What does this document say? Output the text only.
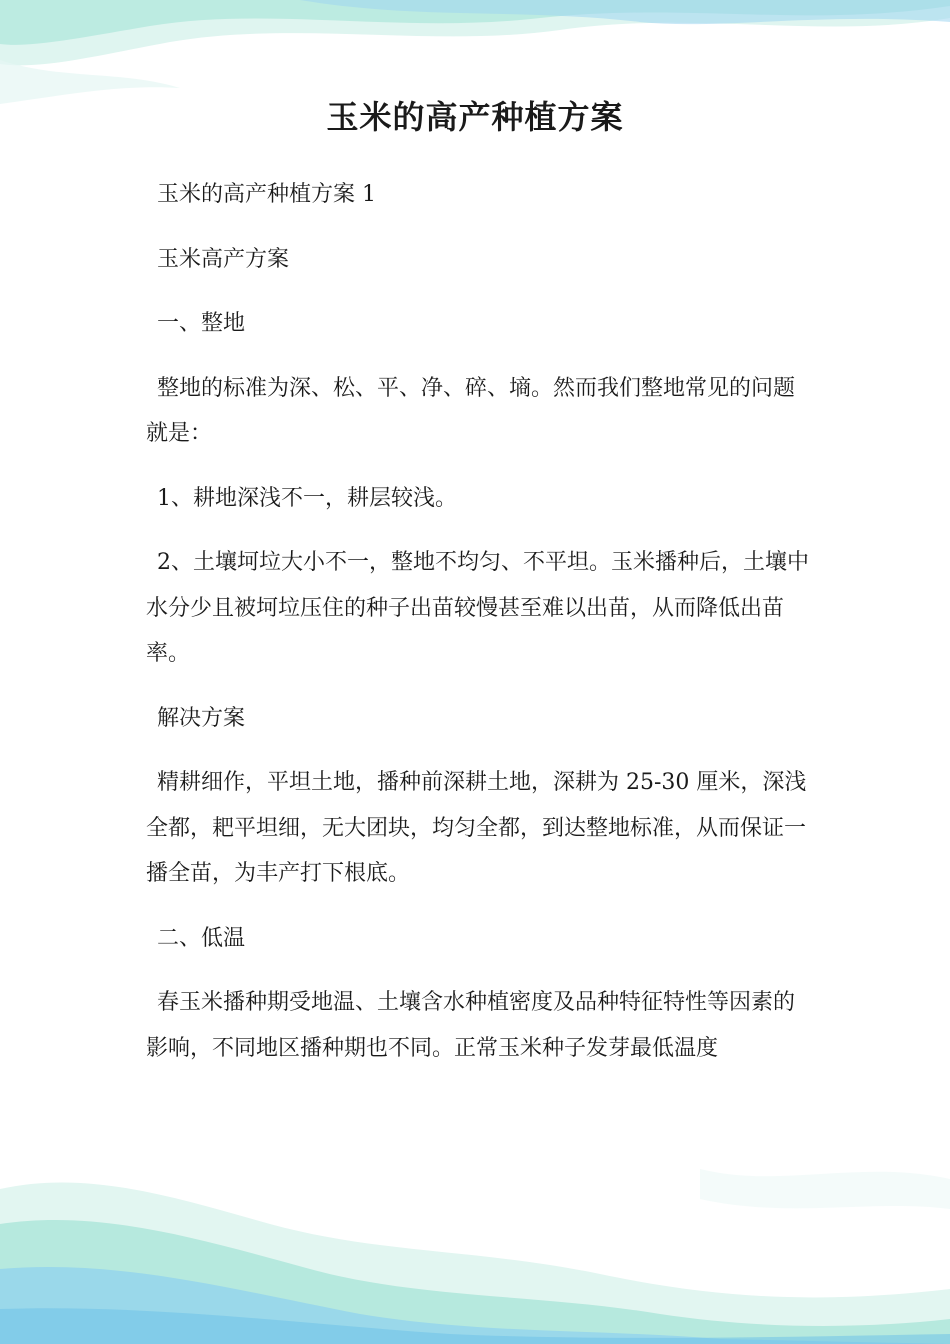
玉米的高产种植方案

玉米的高产种植方案 1

玉米高产方案

一、整地

整地的标准为深、松、平、净、碎、墒。然而我们整地常见的问题就是：

1、耕地深浅不一，耕层较浅。

2、土壤坷垃大小不一，整地不均匀、不平坦。玉米播种后，土壤中水分少且被坷垃压住的种子出苗较慢甚至难以出苗，从而降低出苗率。

解决方案

精耕细作，平坦土地，播种前深耕土地，深耕为 25-30 厘米，深浅全都，耙平坦细，无大团块，均匀全都，到达整地标准，从而保证一播全苗，为丰产打下根底。

二、低温

春玉米播种期受地温、土壤含水种植密度及品种特征特性等因素的影响，不同地区播种期也不同。正常玉米种子发芽最低温度
